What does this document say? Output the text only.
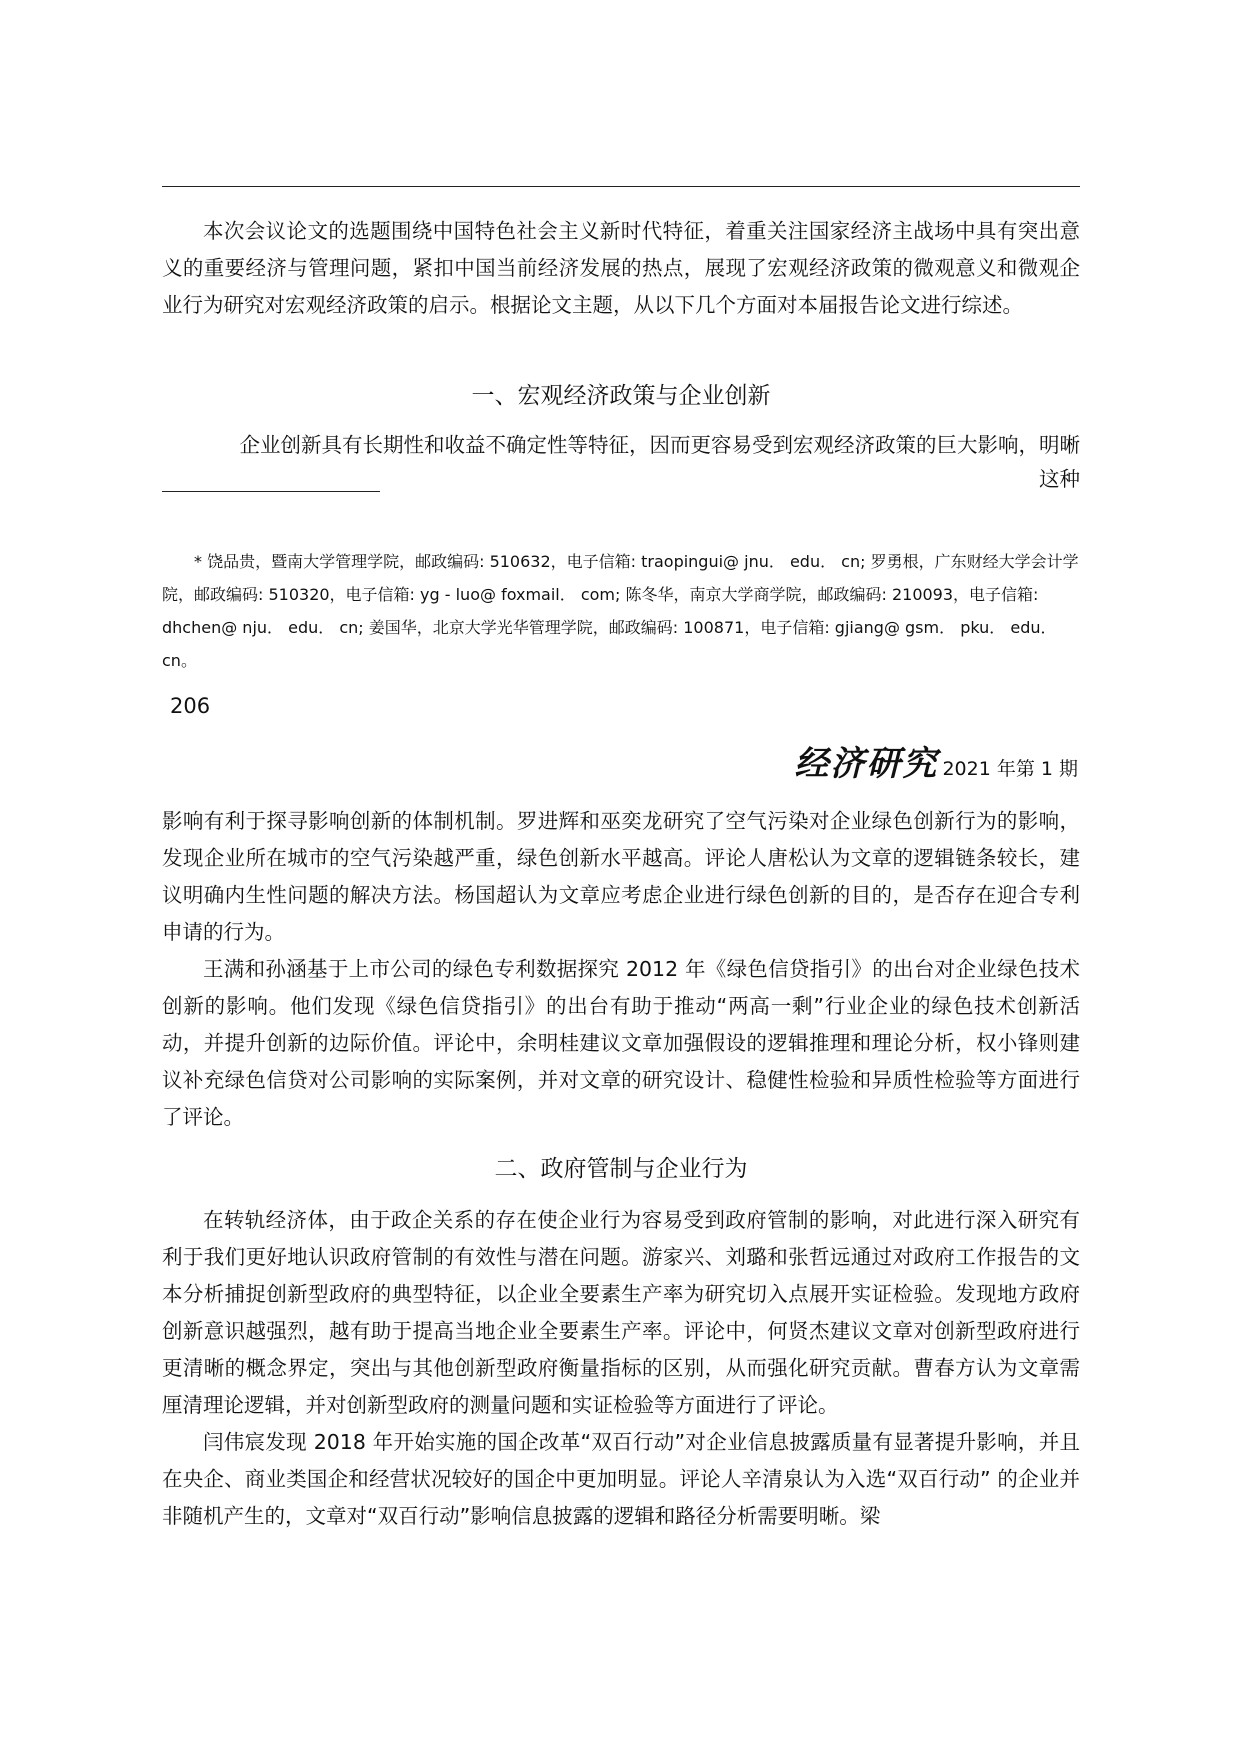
本次会议论文的选题围绕中国特色社会主义新时代特征，着重关注国家经济主战场中具有突出意义的重要经济与管理问题，紧扣中国当前经济发展的热点，展现了宏观经济政策的微观意义和微观企业行为研究对宏观经济政策的启示。根据论文主题，从以下几个方面对本届报告论文进行综述。

一、宏观经济政策与企业创新

企业创新具有长期性和收益不确定性等特征，因而更容易受到宏观经济政策的巨大影响，明晰

这种

* 饶品贵，暨南大学管理学院，邮政编码: 510632，电子信箱: traopingui@ jnu． edu． cn; 罗勇根，广东财经大学会计学院，邮政编码: 510320，电子信箱: yg - luo@ foxmail． com; 陈冬华，南京大学商学院，邮政编码: 210093，电子信箱: dhchen@ nju． edu． cn; 姜国华，北京大学光华管理学院，邮政编码: 100871，电子信箱: gjiang@ gsm． pku． edu． cn。

206
经济研究 2021 年第 1 期

影响有利于探寻影响创新的体制机制。罗进辉和巫奕龙研究了空气污染对企业绿色创新行为的影响，发现企业所在城市的空气污染越严重，绿色创新水平越高。评论人唐松认为文章的逻辑链条较长，建议明确内生性问题的解决方法。杨国超认为文章应考虑企业进行绿色创新的目的，是否存在迎合专利申请的行为。

王满和孙涵基于上市公司的绿色专利数据探究 2012 年《绿色信贷指引》的出台对企业绿色技术创新的影响。他们发现《绿色信贷指引》的出台有助于推动“两高一剩”行业企业的绿色技术创新活动，并提升创新的边际价值。评论中，余明桂建议文章加强假设的逻辑推理和理论分析，权小锋则建议补充绿色信贷对公司影响的实际案例，并对文章的研究设计、稳健性检验和异质性检验等方面进行了评论。

二、政府管制与企业行为

在转轨经济体，由于政企关系的存在使企业行为容易受到政府管制的影响，对此进行深入研究有利于我们更好地认识政府管制的有效性与潜在问题。游家兴、刘璐和张哲远通过对政府工作报告的文本分析捕捉创新型政府的典型特征，以企业全要素生产率为研究切入点展开实证检验。发现地方政府创新意识越强烈，越有助于提高当地企业全要素生产率。评论中，何贤杰建议文章对创新型政府进行更清晰的概念界定，突出与其他创新型政府衡量指标的区别，从而强化研究贡献。曹春方认为文章需厘清理论逻辑，并对创新型政府的测量问题和实证检验等方面进行了评论。

闫伟宸发现 2018 年开始实施的国企改革“双百行动”对企业信息披露质量有显著提升影响，并且在央企、商业类国企和经营状况较好的国企中更加明显。评论人辛清泉认为入选“双百行动” 的企业并非随机产生的，文章对“双百行动”影响信息披露的逻辑和路径分析需要明晰。梁
